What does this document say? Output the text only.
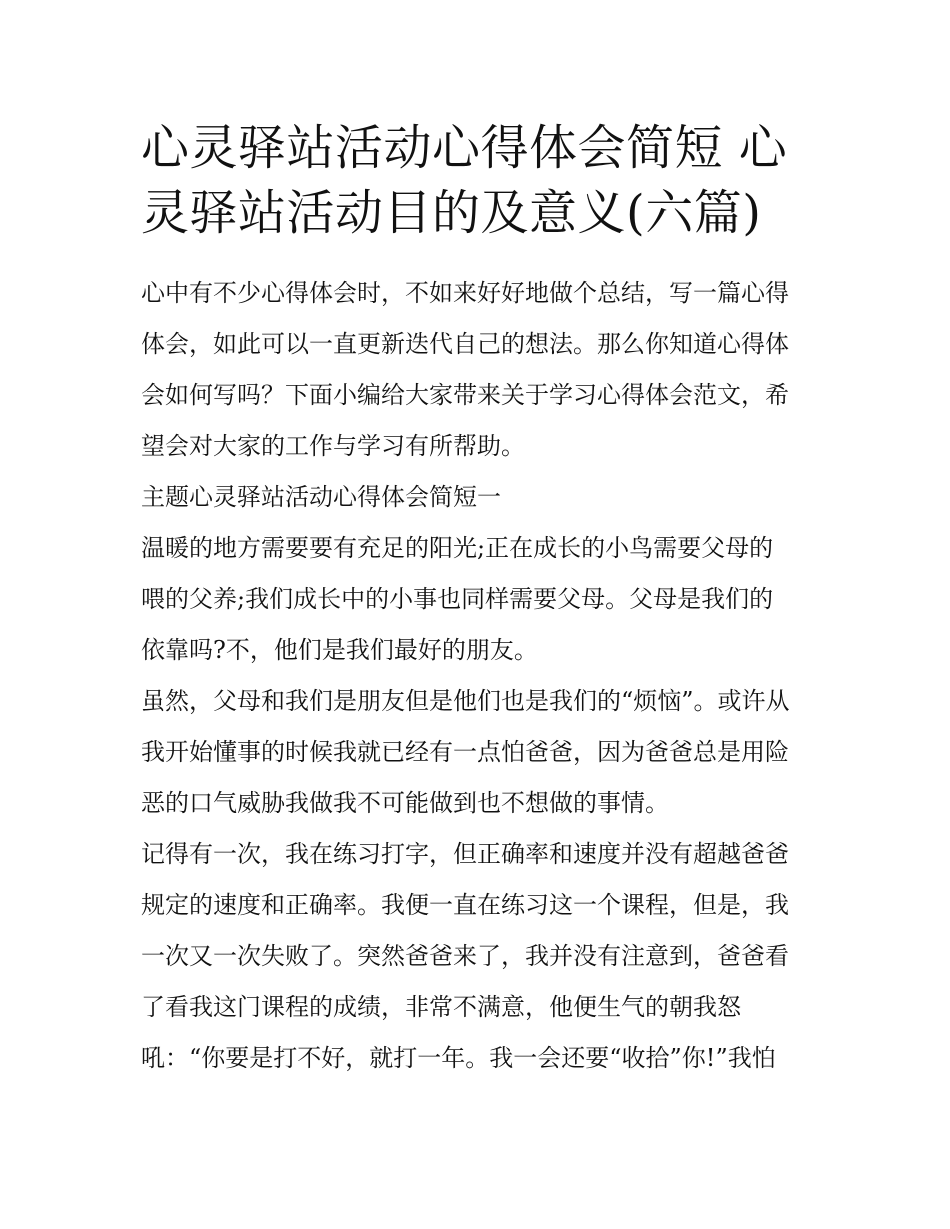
心灵驿站活动心得体会简短 心
灵驿站活动目的及意义(六篇)

心中有不少心得体会时，不如来好好地做个总结，写一篇心得
体会，如此可以一直更新迭代自己的想法。那么你知道心得体
会如何写吗？下面小编给大家带来关于学习心得体会范文，希
望会对大家的工作与学习有所帮助。

主题心灵驿站活动心得体会简短一

温暖的地方需要要有充足的阳光;正在成长的小鸟需要父母的
喂的父养;我们成长中的小事也同样需要父母。父母是我们的
依靠吗?不，他们是我们最好的朋友。

虽然，父母和我们是朋友但是他们也是我们的“烦恼”。或许从
我开始懂事的时候我就已经有一点怕爸爸，因为爸爸总是用险
恶的口气威胁我做我不可能做到也不想做的事情。

记得有一次，我在练习打字，但正确率和速度并没有超越爸爸
规定的速度和正确率。我便一直在练习这一个课程，但是，我
一次又一次失败了。突然爸爸来了，我并没有注意到，爸爸看
了看我这门课程的成绩，非常不满意，他便生气的朝我怒
吼：“你要是打不好，就打一年。我一会还要“收拾”你!”我怕
